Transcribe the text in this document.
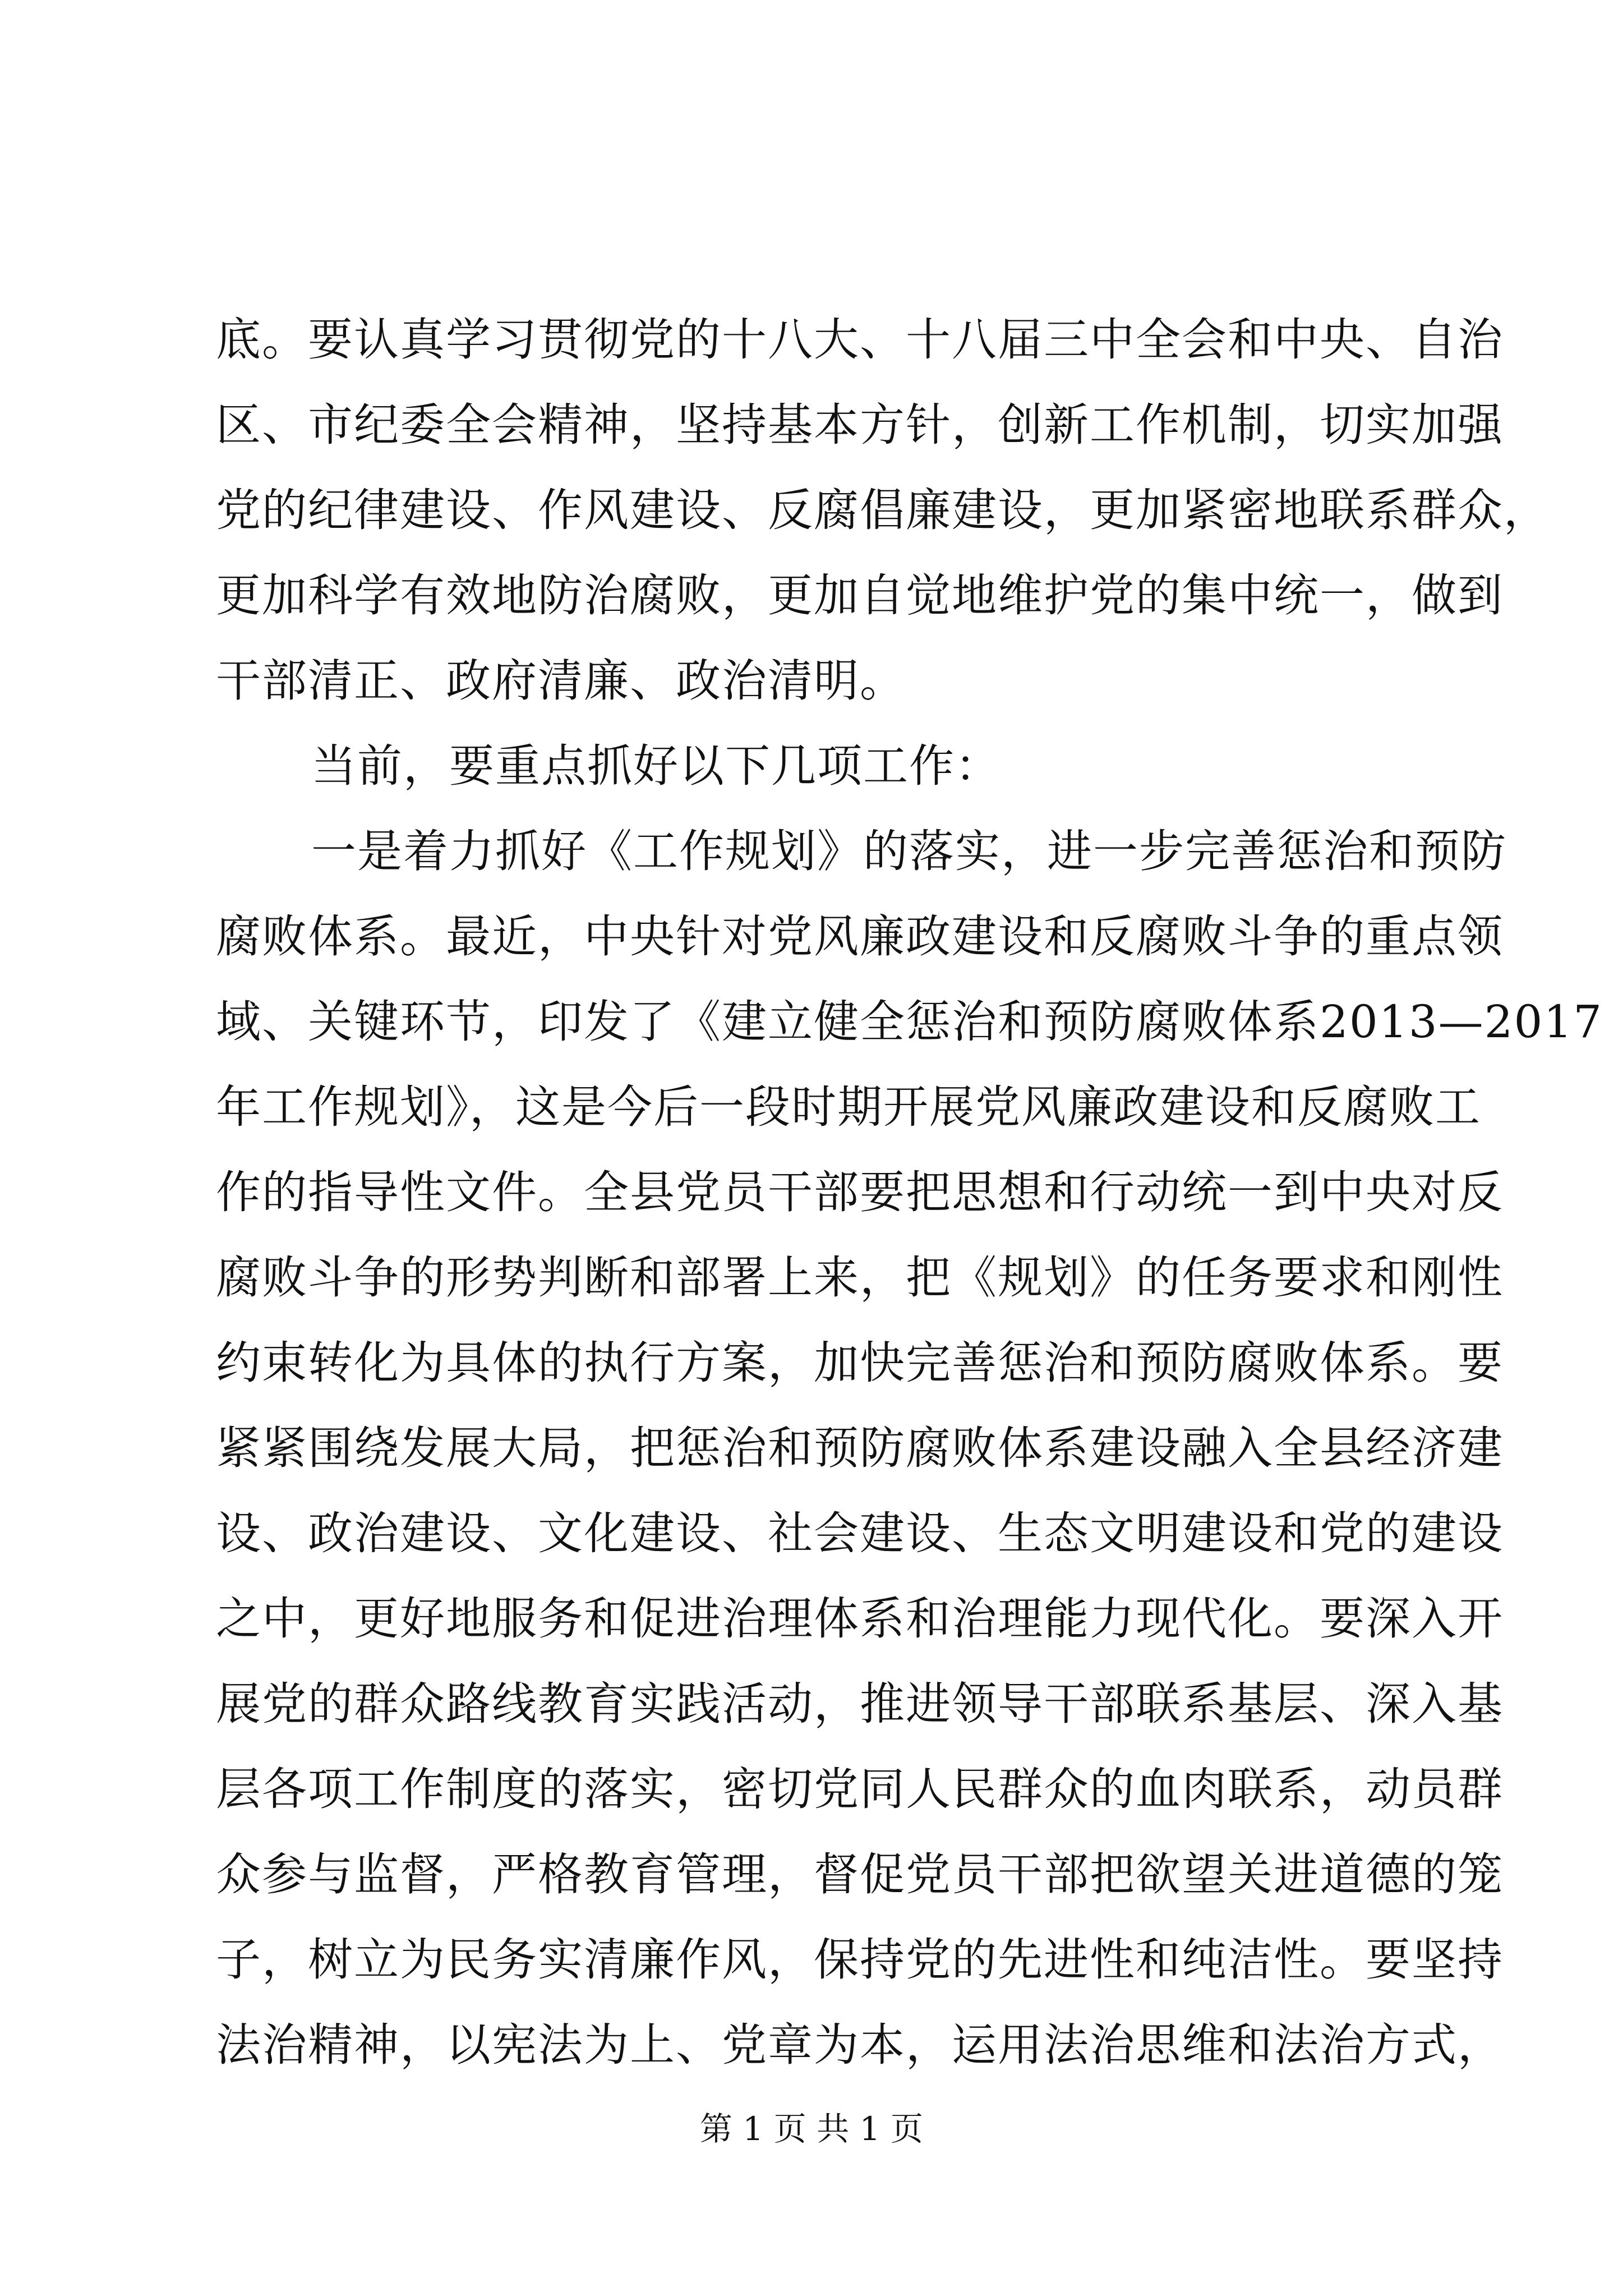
底。要认真学习贯彻党的十八大、十八届三中全会和中央、自治
区、市纪委全会精神，坚持基本方针，创新工作机制，切实加强
党的纪律建设、作风建设、反腐倡廉建设，更加紧密地联系群众，
更加科学有效地防治腐败，更加自觉地维护党的集中统一，做到
干部清正、政府清廉、政治清明。
当前，要重点抓好以下几项工作：
一是着力抓好《工作规划》的落实，进一步完善惩治和预防
腐败体系。最近，中央针对党风廉政建设和反腐败斗争的重点领
域、关键环节，印发了《建立健全惩治和预防腐败体系2013—2017
年工作规划》，这是今后一段时期开展党风廉政建设和反腐败工
作的指导性文件。全县党员干部要把思想和行动统一到中央对反
腐败斗争的形势判断和部署上来，把《规划》的任务要求和刚性
约束转化为具体的执行方案，加快完善惩治和预防腐败体系。要
紧紧围绕发展大局，把惩治和预防腐败体系建设融入全县经济建
设、政治建设、文化建设、社会建设、生态文明建设和党的建设
之中，更好地服务和促进治理体系和治理能力现代化。要深入开
展党的群众路线教育实践活动，推进领导干部联系基层、深入基
层各项工作制度的落实，密切党同人民群众的血肉联系，动员群
众参与监督，严格教育管理，督促党员干部把欲望关进道德的笼
子，树立为民务实清廉作风，保持党的先进性和纯洁性。要坚持
法治精神，以宪法为上、党章为本，运用法治思维和法治方式，
第 1 页 共 1 页
